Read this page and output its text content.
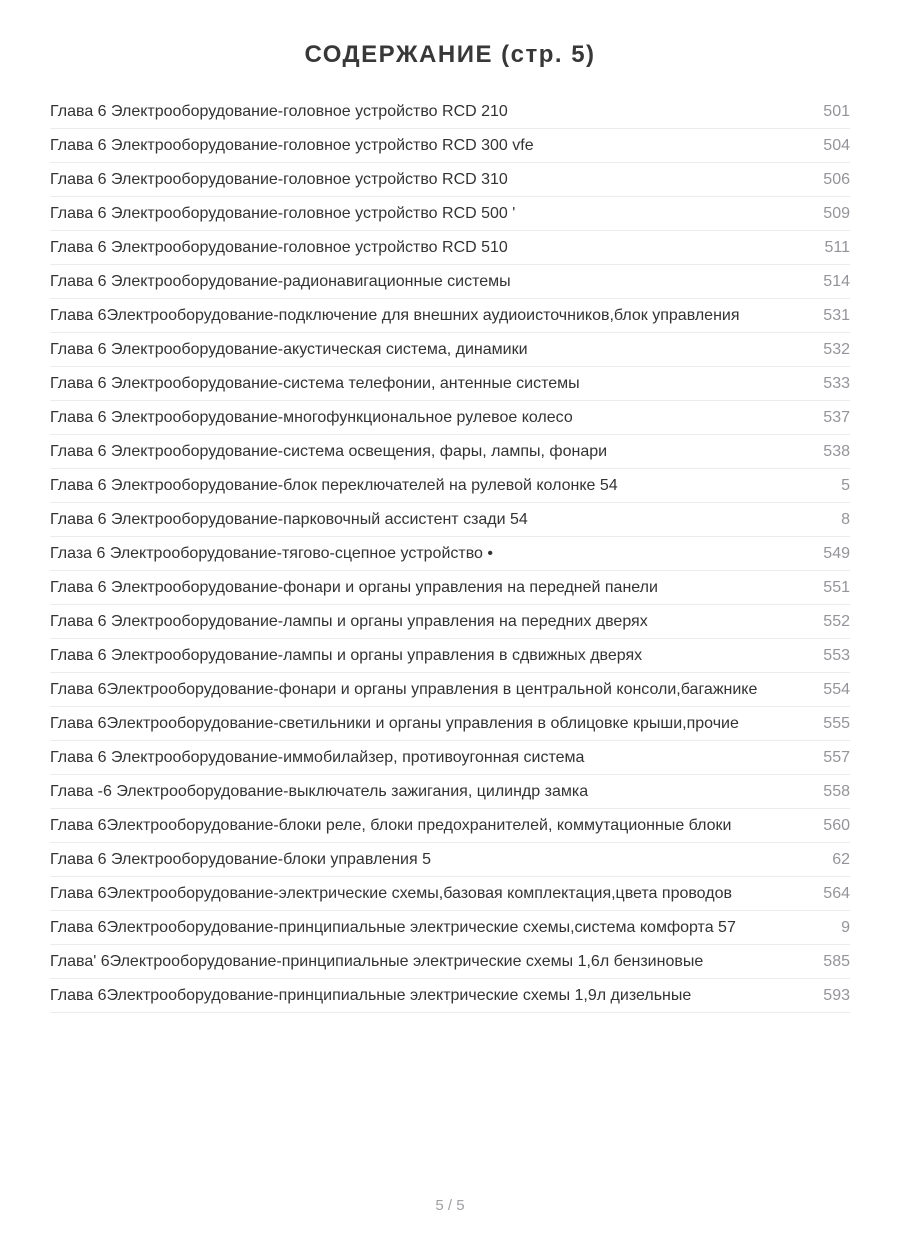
СОДЕРЖАНИЕ (стр. 5)
Глава 6 Электрооборудование-головное устройство RCD 210	501
Глава 6 Электрооборудование-головное устройство RCD 300 vfe	504
Глава 6 Электрооборудование-головное устройство RCD 310	506
Глава 6 Электрооборудование-головное устройство RCD 500 '	509
Глава 6 Электрооборудование-головное устройство RCD 510	511
Глава 6 Электрооборудование-радионавигационные системы	514
Глава 6Электрооборудование-подключение для внешних аудиоисточников,блок управления	531
Глава 6 Электрооборудование-акустическая система, динамики	532
Глава 6 Электрооборудование-система телефонии, антенные системы	533
Глава 6 Электрооборудование-многофункциональное рулевое колесо	537
Глава 6 Электрооборудование-система освещения, фары, лампы, фонари	538
Глава 6 Электрооборудование-блок переключателей на рулевой колонке 54	5
Глава 6 Электрооборудование-парковочный ассистент сзади 54	8
Глаза 6 Электрооборудование-тягово-сцепное устройство •	549
Глава 6 Электрооборудование-фонари и органы управления на передней панели	551
Глава 6 Электрооборудование-лампы и органы управления на передних дверях	552
Глава 6 Электрооборудование-лампы и органы управления в сдвижных дверях	553
Глава 6Электрооборудование-фонари и органы управления в центральной консоли,багажнике	554
Глава 6Электрооборудование-светильники и органы управления в облицовке крыши,прочие	555
Глава 6 Электрооборудование-иммобилайзер, противоугонная система	557
Глава -6 Электрооборудование-выключатель зажигания, цилиндр замка	558
Глава 6Электрооборудование-блоки реле, блоки предохранителей, коммутационные блоки	560
Глава 6 Электрооборудование-блоки управления 5	62
Глава 6Электрооборудование-электрические схемы,базовая комплектация,цвета проводов	564
Глава 6Электрооборудование-принципиальные электрические схемы,система комфорта 57	9
Глава' 6Электрооборудование-принципиальные электрические схемы 1,6л бензиновые	585
Глава 6Электрооборудование-принципиальные электрические схемы 1,9л дизельные	593
5 / 5
